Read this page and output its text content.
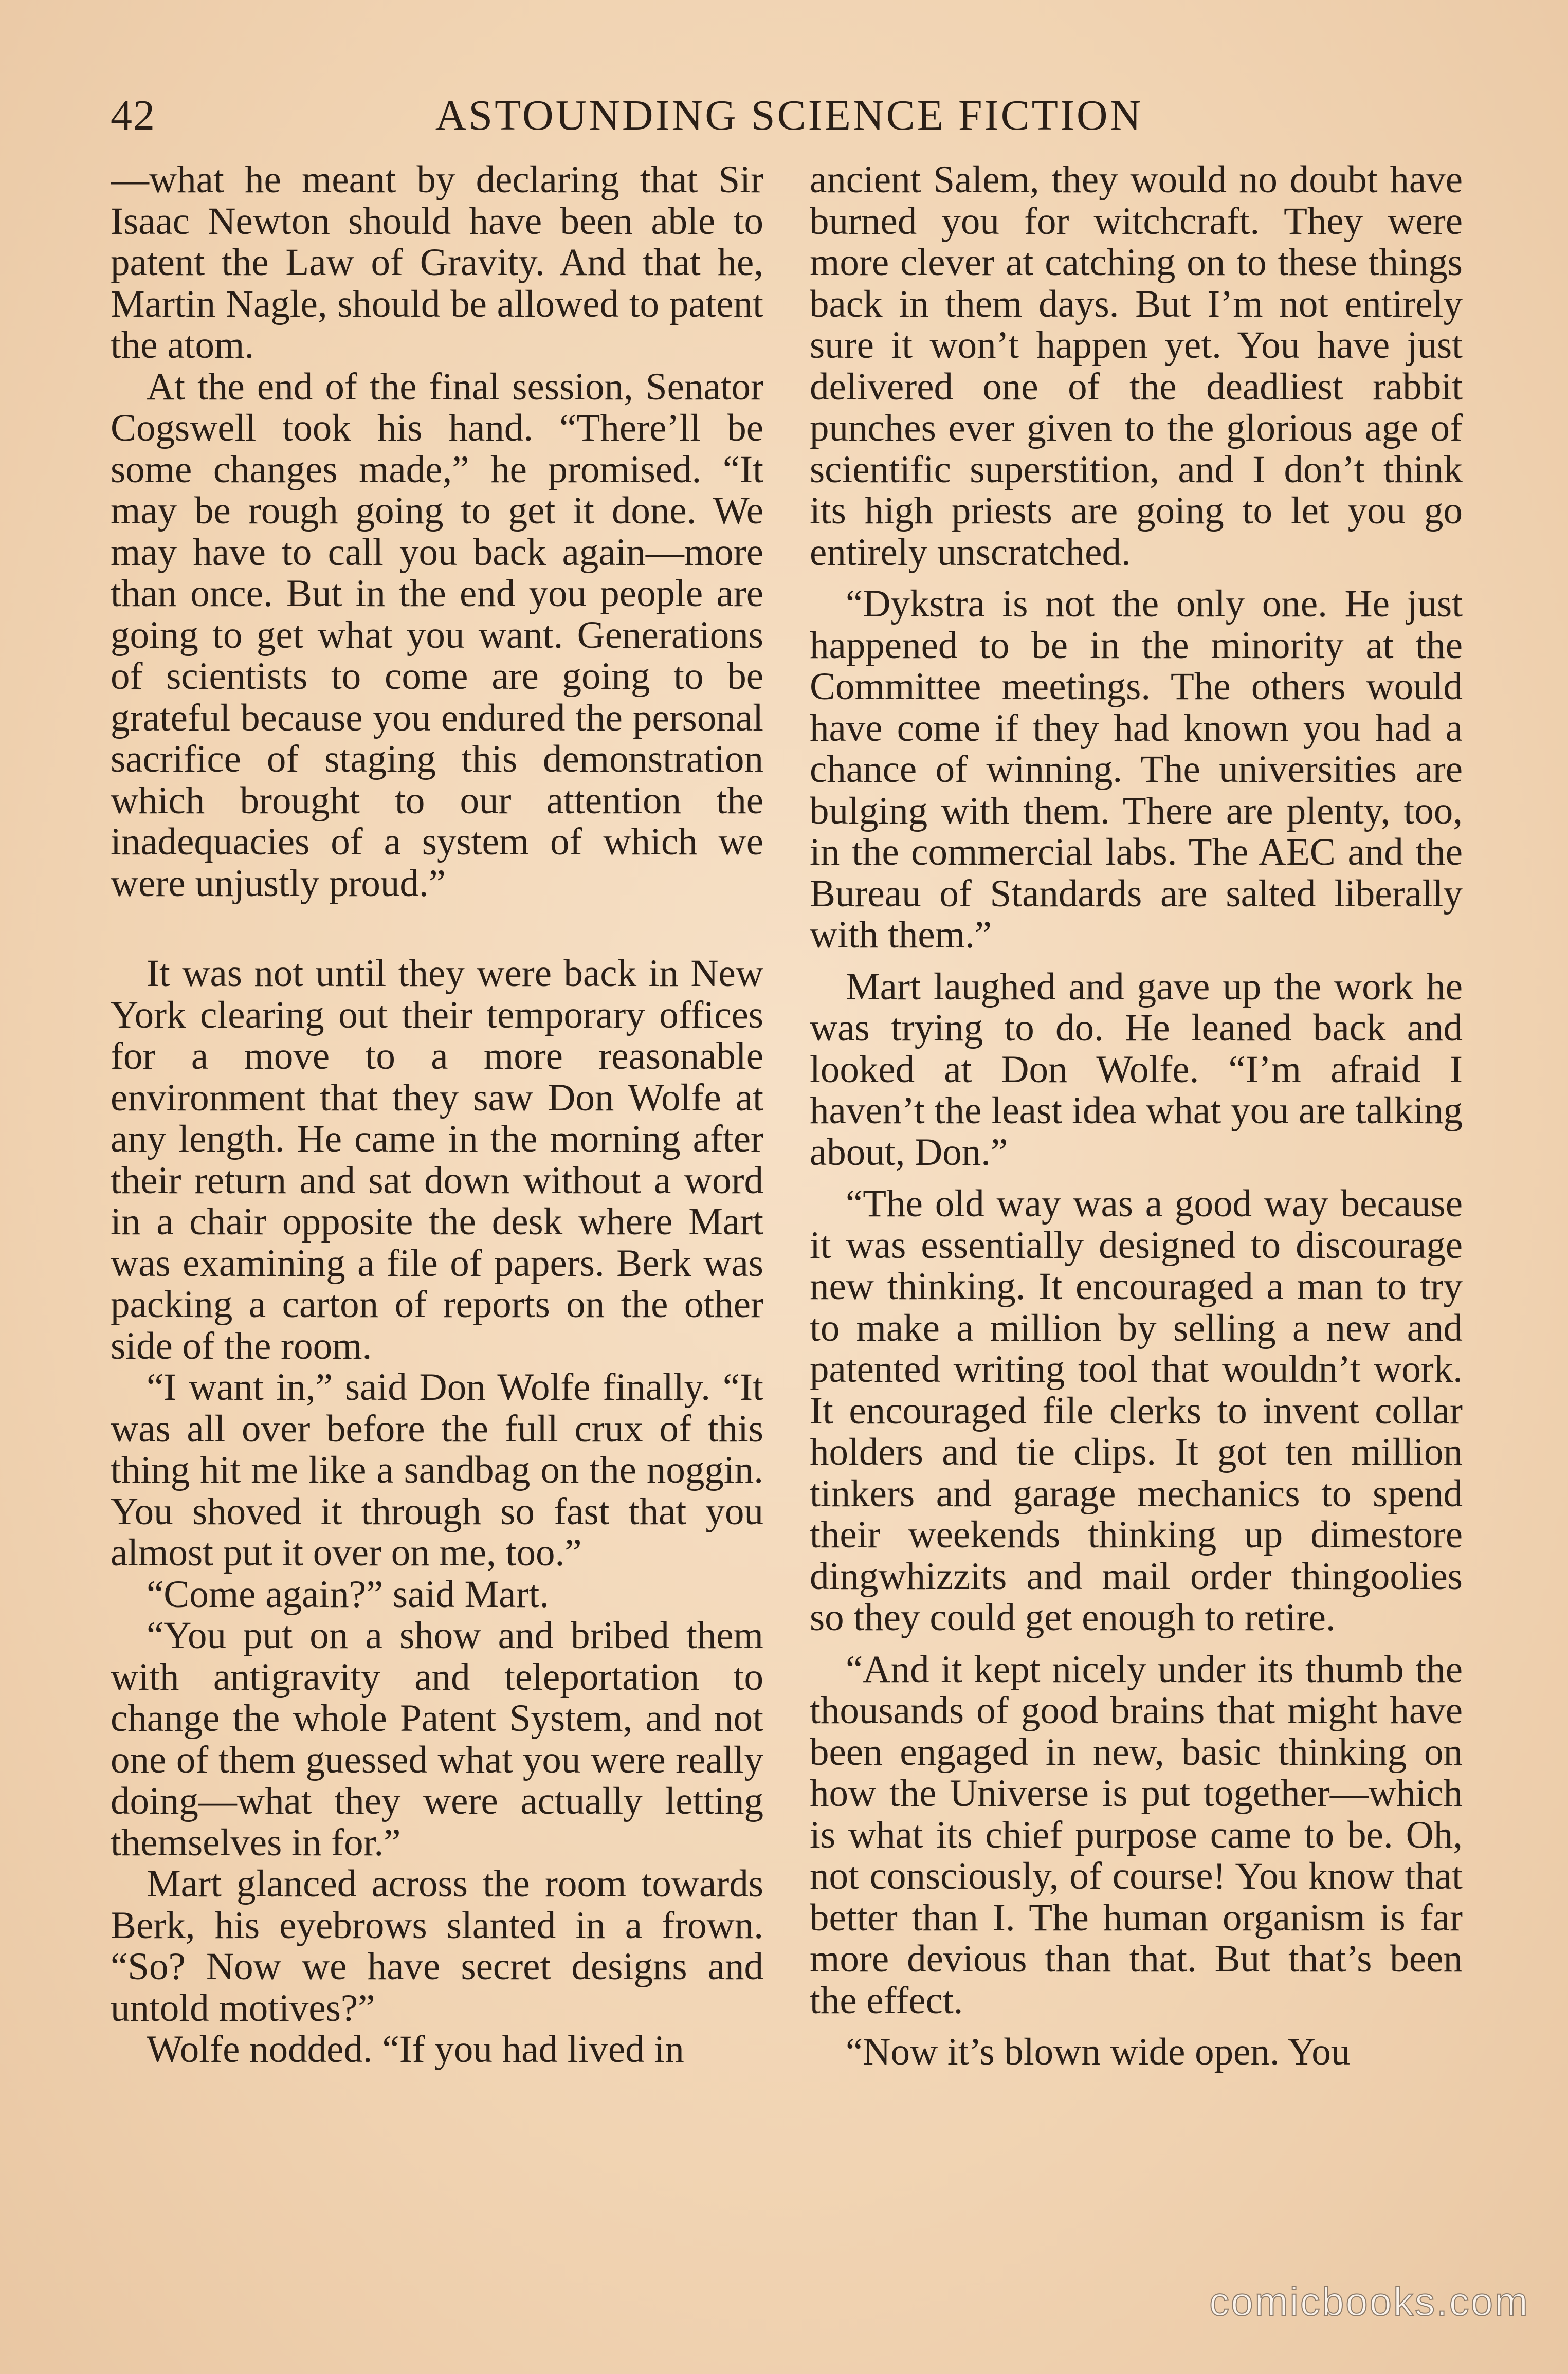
42	ASTOUNDING SCIENCE FICTION

—what he meant by declaring that Sir Isaac Newton should have been able to patent the Law of Gravity. And that he, Martin Nagle, should be allowed to patent the atom.

At the end of the final session, Senator Cogswell took his hand. “There’ll be some changes made,” he promised. “It may be rough going to get it done. We may have to call you back again—more than once. But in the end you people are going to get what you want. Generations of scientists to come are going to be grateful because you endured the personal sacrifice of staging this demonstration which brought to our attention the inadequacies of a system of which we were unjustly proud.”

It was not until they were back in New York clearing out their temporary offices for a move to a more reasonable environment that they saw Don Wolfe at any length. He came in the morning after their return and sat down without a word in a chair opposite the desk where Mart was examining a file of papers. Berk was packing a carton of reports on the other side of the room.

“I want in,” said Don Wolfe finally. “It was all over before the full crux of this thing hit me like a sandbag on the noggin. You shoved it through so fast that you almost put it over on me, too.”

“Come again?” said Mart.

“You put on a show and bribed them with antigravity and teleportation to change the whole Patent System, and not one of them guessed what you were really doing—what they were actually letting themselves in for.”

Mart glanced across the room towards Berk, his eyebrows slanted in a frown. “So? Now we have secret designs and untold motives?”

Wolfe nodded. “If you had lived in

ancient Salem, they would no doubt have burned you for witchcraft. They were more clever at catching on to these things back in them days. But I’m not entirely sure it won’t happen yet. You have just delivered one of the deadliest rabbit punches ever given to the glorious age of scientific superstition, and I don’t think its high priests are going to let you go entirely unscratched.

“Dykstra is not the only one. He just happened to be in the minority at the Committee meetings. The others would have come if they had known you had a chance of winning. The universities are bulging with them. There are plenty, too, in the commercial labs. The AEC and the Bureau of Standards are salted liberally with them.”

Mart laughed and gave up the work he was trying to do. He leaned back and looked at Don Wolfe. “I’m afraid I haven’t the least idea what you are talking about, Don.”

“The old way was a good way because it was essentially designed to discourage new thinking. It encouraged a man to try to make a million by selling a new and patented writing tool that wouldn’t work. It encouraged file clerks to invent collar holders and tie clips. It got ten million tinkers and garage mechanics to spend their weekends thinking up dimestore dingwhizzits and mail order thingoolies so they could get enough to retire.

“And it kept nicely under its thumb the thousands of good brains that might have been engaged in new, basic thinking on how the Universe is put together—which is what its chief purpose came to be. Oh, not consciously, of course! You know that better than I. The human organism is far more devious than that. But that’s been the effect.

“Now it’s blown wide open. You

comicbooks.com
